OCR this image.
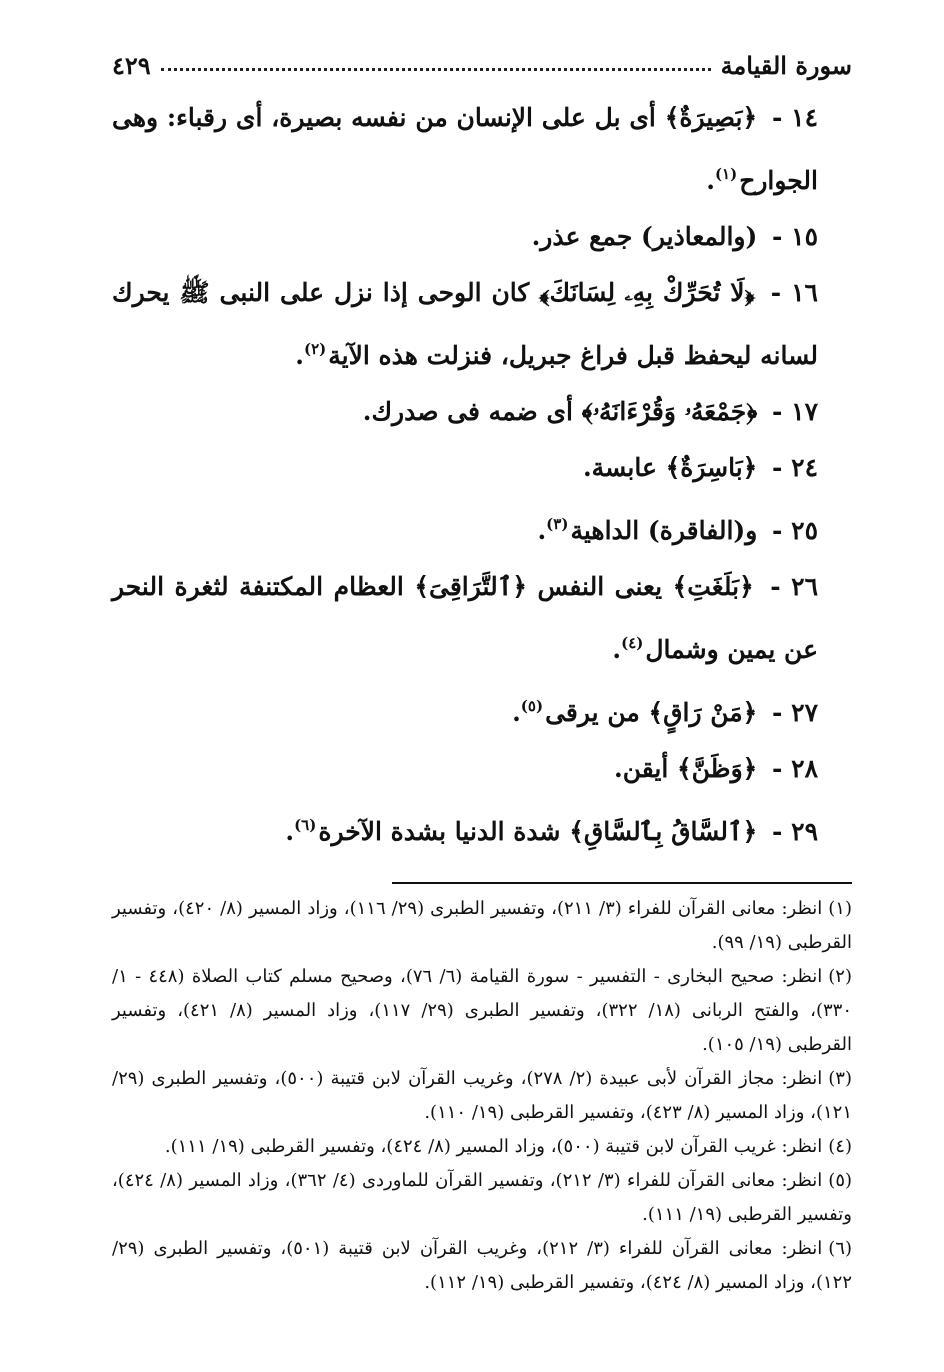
سورة القيامة
٤٢٩

١٤ - ﴿بَصِيرَةٌ﴾ أى بل على الإنسان من نفسه بصيرة، أى رقباء: وهى الجوارح$^{(١)}$.

١٥ - (والمعاذير) جمع عذر.

١٦ - ﴿لَا تُحَرِّكْ بِهِۦ لِسَانَكَ﴾ كان الوحى إذا نزل على النبى ﷺ يحرك لسانه ليحفظ قبل فراغ جبريل، فنزلت هذه الآية$^{(٢)}$.

١٧ - ﴿جَمْعَهُۥ وَقُرْءَانَهُۥ﴾ أى ضمه فى صدرك.

٢٤ - ﴿بَاسِرَةٌ﴾ عابسة.

٢٥ - و(الفاقرة) الداهية$^{(٣)}$.

٢٦ - ﴿بَلَغَتِ﴾ يعنى النفس ﴿ٱلتَّرَاقِىَ﴾ العظام المكتنفة لثغرة النحر عن يمين وشمال$^{(٤)}$.

٢٧ - ﴿مَنْ رَاقٍ﴾ من يرقى$^{(٥)}$.

٢٨ - ﴿وَظَنَّ﴾ أيقن.

٢٩ - ﴿ٱلسَّاقُ بِٱلسَّاقِ﴾ شدة الدنيا بشدة الآخرة$^{(٦)}$.

(١)انظر: معانى القرآن للفراء (٣/ ٢١١)، وتفسير الطبرى (٢٩/ ١١٦)، وزاد المسير (٨/ ٤٢٠)، وتفسير القرطبى (١٩/ ٩٩).

(٢)انظر: صحيح البخارى - التفسير - سورة القيامة (٦/ ٧٦)، وصحيح مسلم كتاب الصلاة (٤٤٨ - ١/ ٣٣٠)، والفتح الربانى (١٨/ ٣٢٢)، وتفسير الطبرى (٢٩/ ١١٧)، وزاد المسير (٨/ ٤٢١)، وتفسير القرطبى (١٩/ ١٠٥).

(٣)انظر: مجاز القرآن لأبى عبيدة (٢/ ٢٧٨)، وغريب القرآن لابن قتيبة (٥٠٠)، وتفسير الطبرى (٢٩/ ١٢١)، وزاد المسير (٨/ ٤٢٣)، وتفسير القرطبى (١٩/ ١١٠).

(٤)انظر: غريب القرآن لابن قتيبة (٥٠٠)، وزاد المسير (٨/ ٤٢٤)، وتفسير القرطبى (١٩/ ١١١).

(٥)انظر: معانى القرآن للفراء (٣/ ٢١٢)، وتفسير القرآن للماوردى (٤/ ٣٦٢)، وزاد المسير (٨/ ٤٢٤)، وتفسير القرطبى (١٩/ ١١١).

(٦)انظر: معانى القرآن للفراء (٣/ ٢١٢)، وغريب القرآن لابن قتيبة (٥٠١)، وتفسير الطبرى (٢٩/ ١٢٢)، وزاد المسير (٨/ ٤٢٤)، وتفسير القرطبى (١٩/ ١١٢).
